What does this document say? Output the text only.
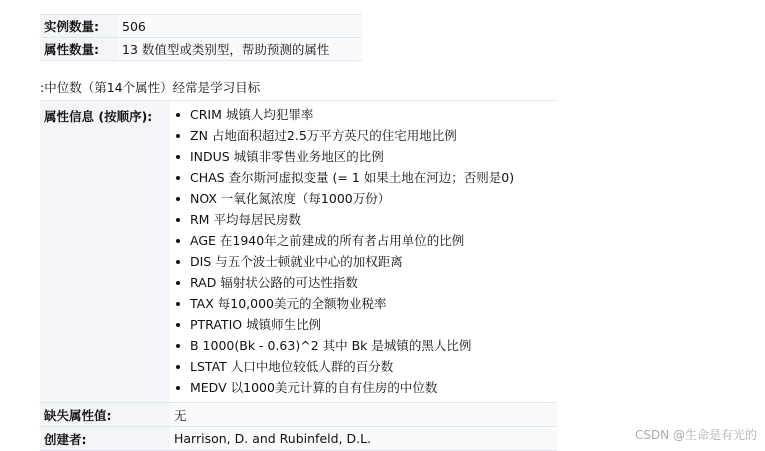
实例数量:	506
属性数量:	13 数值型或类别型，帮助预测的属性
:中位数（第14个属性）经常是学习目标
属性信息 (按顺序):	CRIM 城镇人均犯罪率
ZN 占地面积超过2.5万平方英尺的住宅用地比例
INDUS 城镇非零售业务地区的比例
CHAS 查尔斯河虚拟变量 (= 1 如果土地在河边；否则是0)
NOX 一氧化氮浓度（每1000万份）
RM 平均每居民房数
AGE 在1940年之前建成的所有者占用单位的比例
DIS 与五个波士顿就业中心的加权距离
RAD 辐射状公路的可达性指数
TAX 每10,000美元的全额物业税率
PTRATIO 城镇师生比例
B 1000(Bk - 0.63)^2 其中 Bk 是城镇的黑人比例
LSTAT 人口中地位较低人群的百分数
MEDV 以1000美元计算的自有住房的中位数
缺失属性值:	无
创建者:	Harrison, D. and Rubinfeld, D.L.	CSDN @生命是有光的
